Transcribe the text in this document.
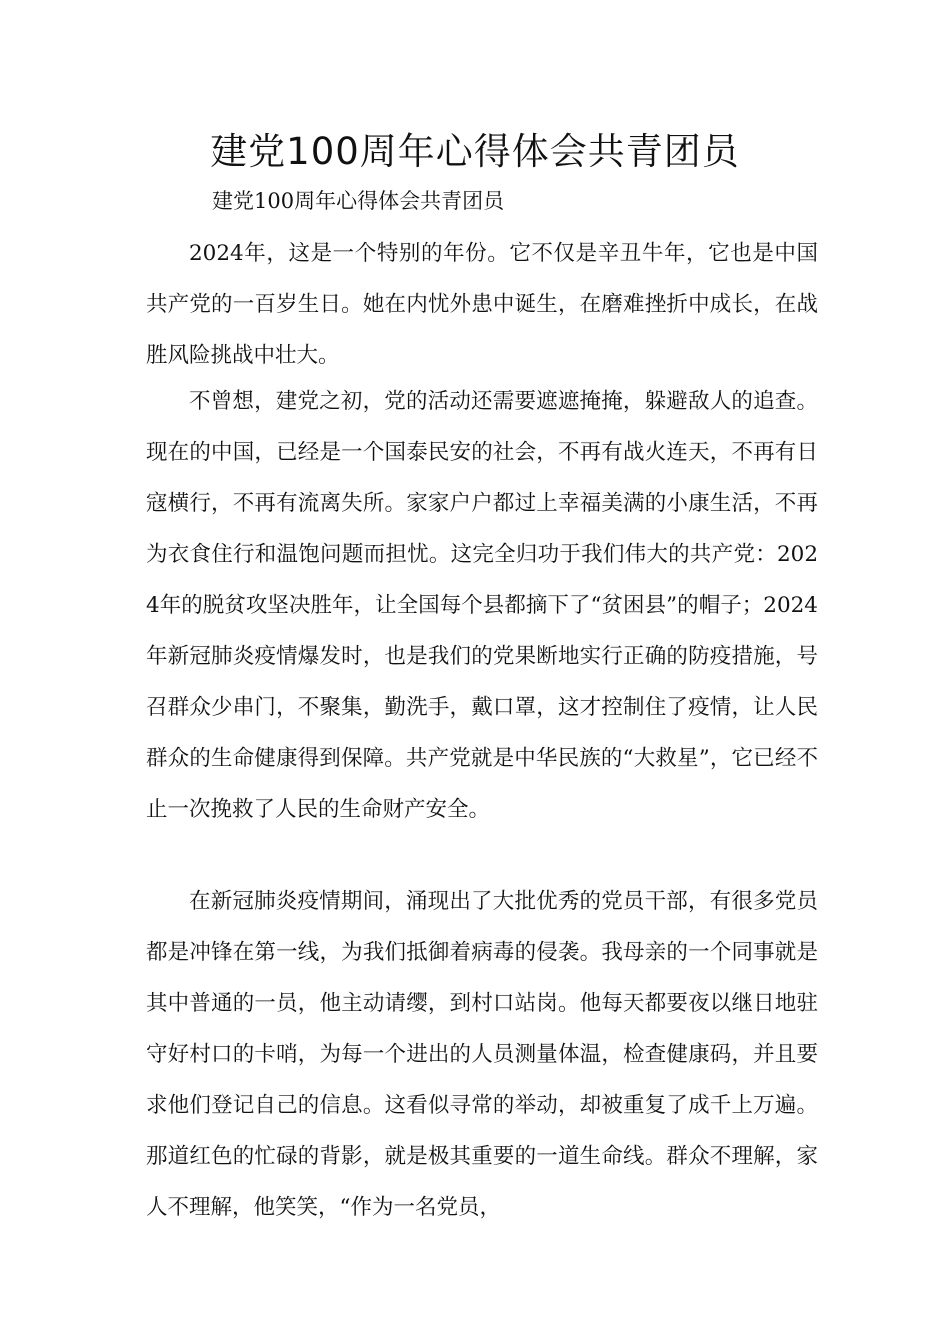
建党100周年心得体会共青团员

建党100周年心得体会共青团员

2024年，这是一个特别的年份。它不仅是辛丑牛年，它也是中国共产党的一百岁生日。她在内忧外患中诞生，在磨难挫折中成长，在战胜风险挑战中壮大。

不曾想，建党之初，党的活动还需要遮遮掩掩，躲避敌人的追查。现在的中国，已经是一个国泰民安的社会，不再有战火连天，不再有日寇横行，不再有流离失所。家家户户都过上幸福美满的小康生活，不再为衣食住行和温饱问题而担忧。这完全归功于我们伟大的共产党：2024年的脱贫攻坚决胜年，让全国每个县都摘下了“贫困县”的帽子；2024年新冠肺炎疫情爆发时，也是我们的党果断地实行正确的防疫措施，号召群众少串门，不聚集，勤洗手，戴口罩，这才控制住了疫情，让人民群众的生命健康得到保障。共产党就是中华民族的“大救星”，它已经不止一次挽救了人民的生命财产安全。

在新冠肺炎疫情期间，涌现出了大批优秀的党员干部，有很多党员都是冲锋在第一线，为我们抵御着病毒的侵袭。我母亲的一个同事就是其中普通的一员，他主动请缨，到村口站岗。他每天都要夜以继日地驻守好村口的卡哨，为每一个进出的人员测量体温，检查健康码，并且要求他们登记自己的信息。这看似寻常的举动，却被重复了成千上万遍。那道红色的忙碌的背影，就是极其重要的一道生命线。群众不理解，家人不理解，他笑笑，“作为一名党员，
